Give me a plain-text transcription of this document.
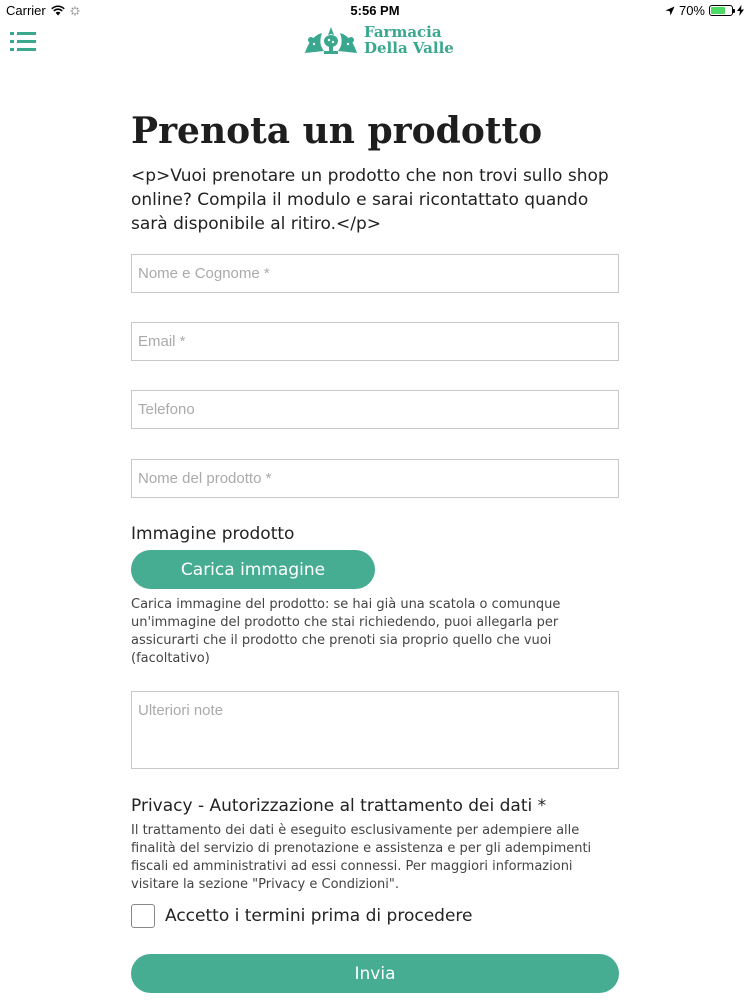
Carrier	5:56 PM	70%
Farmacia
Della Valle
Prenota un prodotto
<p>Vuoi prenotare un prodotto che non trovi sullo shop online? Compila il modulo e sarai ricontattato quando sarà disponibile al ritiro.</p>
Nome e Cognome *
Email *
Telefono
Nome del prodotto *
Immagine prodotto
Carica immagine
Carica immagine del prodotto: se hai già una scatola o comunque un'immagine del prodotto che stai richiedendo, puoi allegarla per assicurarti che il prodotto che prenoti sia proprio quello che vuoi (facoltativo)
Ulteriori note
Privacy - Autorizzazione al trattamento dei dati *
Il trattamento dei dati è eseguito esclusivamente per adempiere alle finalità del servizio di prenotazione e assistenza e per gli adempimenti fiscali ed amministrativi ad essi connessi. Per maggiori informazioni visitare la sezione "Privacy e Condizioni".
Accetto i termini prima di procedere
Invia
